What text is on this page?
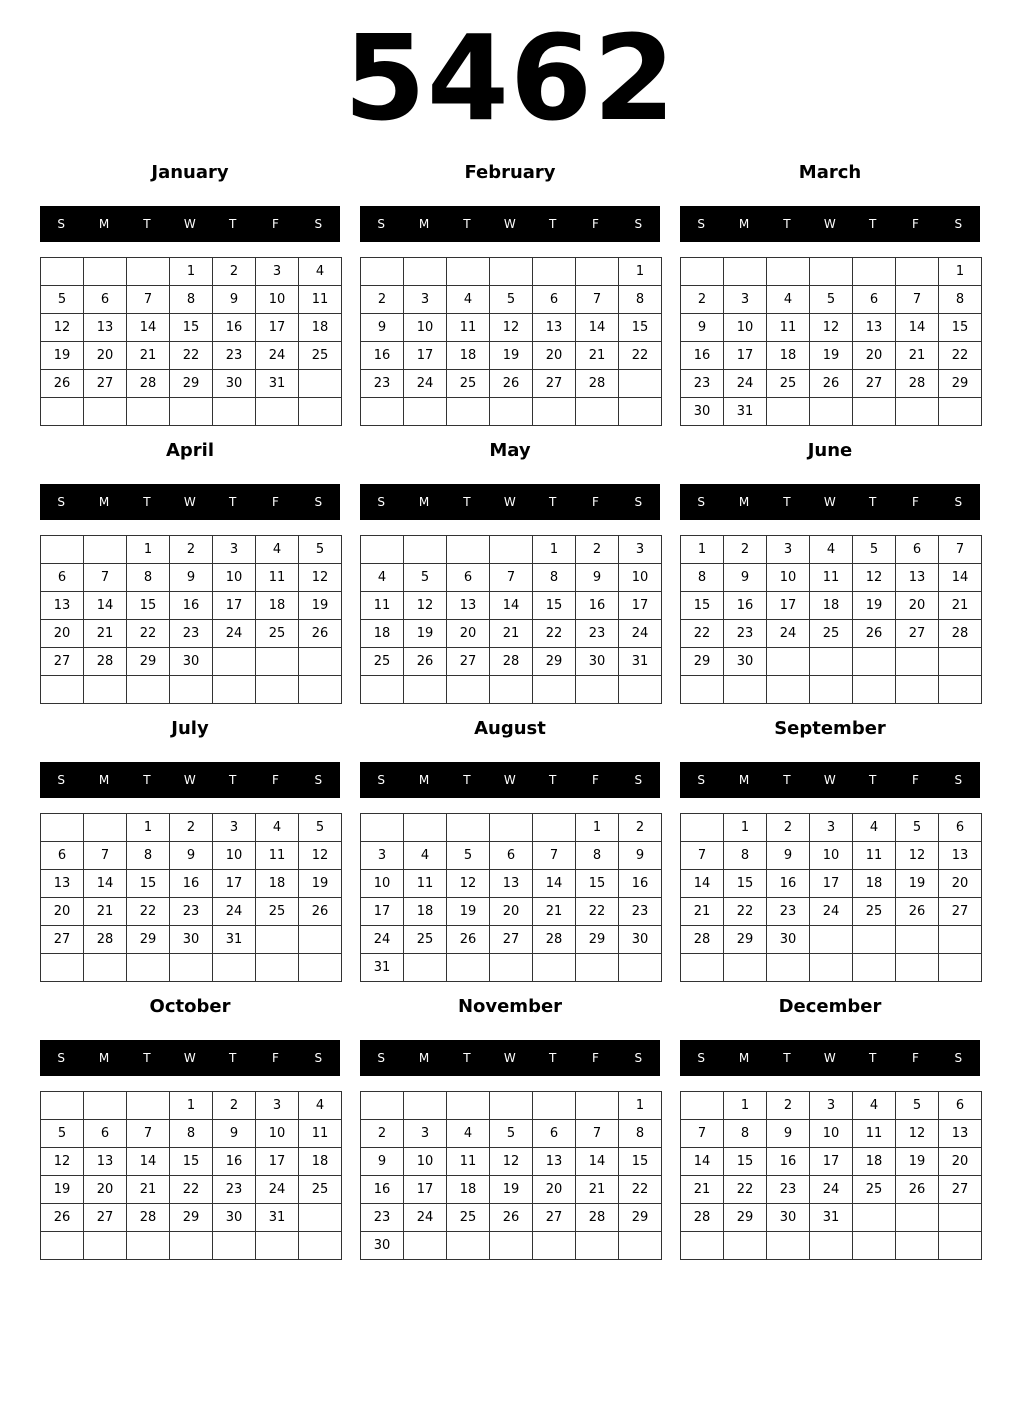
5462
January
S	M	T	W	T	F	S
			1	2	3	4
5	6	7	8	9	10	11
12	13	14	15	16	17	18
19	20	21	22	23	24	25
26	27	28	29	30	31	

February
S	M	T	W	T	F	S
						1
2	3	4	5	6	7	8
9	10	11	12	13	14	15
16	17	18	19	20	21	22
23	24	25	26	27	28	

March
S	M	T	W	T	F	S
						1
2	3	4	5	6	7	8
9	10	11	12	13	14	15
16	17	18	19	20	21	22
23	24	25	26	27	28	29
30	31					
April
S	M	T	W	T	F	S
		1	2	3	4	5
6	7	8	9	10	11	12
13	14	15	16	17	18	19
20	21	22	23	24	25	26
27	28	29	30			

May
S	M	T	W	T	F	S
				1	2	3
4	5	6	7	8	9	10
11	12	13	14	15	16	17
18	19	20	21	22	23	24
25	26	27	28	29	30	31

June
S	M	T	W	T	F	S
1	2	3	4	5	6	7
8	9	10	11	12	13	14
15	16	17	18	19	20	21
22	23	24	25	26	27	28
29	30					

July
S	M	T	W	T	F	S
		1	2	3	4	5
6	7	8	9	10	11	12
13	14	15	16	17	18	19
20	21	22	23	24	25	26
27	28	29	30	31		

August
S	M	T	W	T	F	S
					1	2
3	4	5	6	7	8	9
10	11	12	13	14	15	16
17	18	19	20	21	22	23
24	25	26	27	28	29	30
31						
September
S	M	T	W	T	F	S
	1	2	3	4	5	6
7	8	9	10	11	12	13
14	15	16	17	18	19	20
21	22	23	24	25	26	27
28	29	30				

October
S	M	T	W	T	F	S
			1	2	3	4
5	6	7	8	9	10	11
12	13	14	15	16	17	18
19	20	21	22	23	24	25
26	27	28	29	30	31	

November
S	M	T	W	T	F	S
						1
2	3	4	5	6	7	8
9	10	11	12	13	14	15
16	17	18	19	20	21	22
23	24	25	26	27	28	29
30						
December
S	M	T	W	T	F	S
	1	2	3	4	5	6
7	8	9	10	11	12	13
14	15	16	17	18	19	20
21	22	23	24	25	26	27
28	29	30	31			
